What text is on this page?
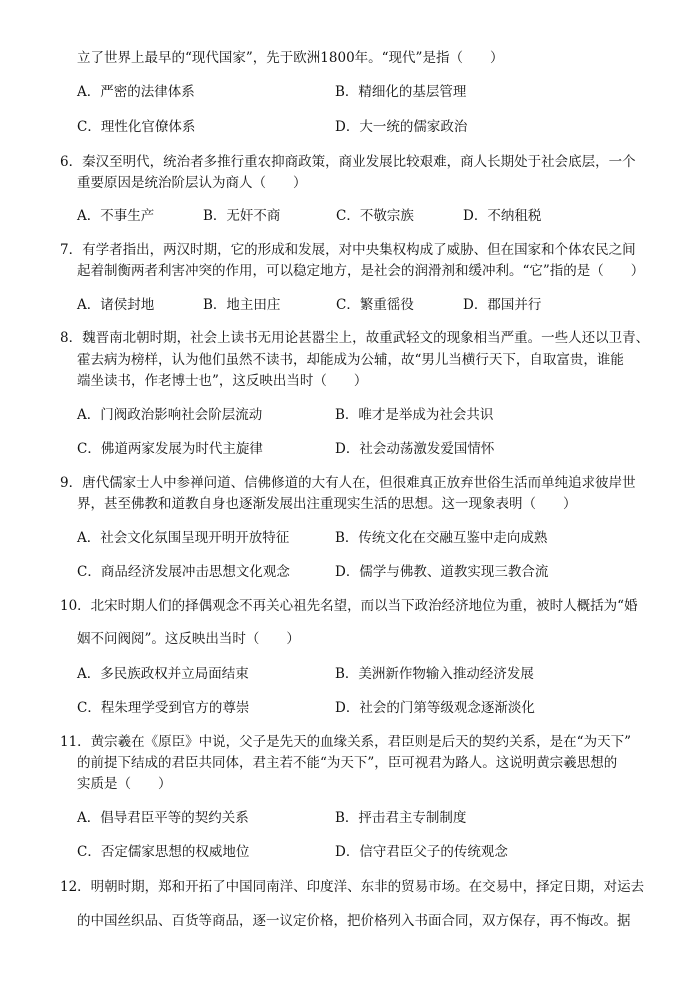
立了世界上最早的“现代国家”，先于欧洲1800年。“现代”是指（　　）
A．严密的法律体系	B．精细化的基层管理
C．理性化官僚体系	D．大一统的儒家政治
6．秦汉至明代，统治者多推行重农抑商政策，商业发展比较艰难，商人长期处于社会底层，一个
重要原因是统治阶层认为商人（　　）
A．不事生产	B．无奸不商	C．不敬宗族	D．不纳租税
7．有学者指出，两汉时期，它的形成和发展，对中央集权构成了威胁、但在国家和个体农民之间
起着制衡两者利害冲突的作用，可以稳定地方，是社会的润滑剂和缓冲利。“它”指的是（　　）
A．诸侯封地	B．地主田庄	C．繁重徭役	D．郡国并行
8．魏晋南北朝时期，社会上读书无用论甚嚣尘上，故重武轻文的现象相当严重。一些人还以卫青、
霍去病为榜样，认为他们虽然不读书，却能成为公辅，故“男儿当横行天下，自取富贵，谁能
端坐读书，作老博士也”，这反映出当时（　　）
A．门阀政治影响社会阶层流动	B．唯才是举成为社会共识
C．佛道两家发展为时代主旋律	D．社会动荡激发爱国情怀
9．唐代儒家士人中参禅问道、信佛修道的大有人在，但很难真正放弃世俗生活而单纯追求彼岸世
界，甚至佛教和道教自身也逐渐发展出注重现实生活的思想。这一现象表明（　　）
A．社会文化氛围呈现开明开放特征	B．传统文化在交融互鉴中走向成熟
C．商品经济发展冲击思想文化观念	D．儒学与佛教、道教实现三教合流
10．北宋时期人们的择偶观念不再关心祖先名望，而以当下政治经济地位为重，被时人概括为“婚
姻不问阀阅”。这反映出当时（　　）
A．多民族政权并立局面结束	B．美洲新作物输入推动经济发展
C．程朱理学受到官方的尊崇	D．社会的门第等级观念逐渐淡化
11．黄宗羲在《原臣》中说，父子是先天的血缘关系，君臣则是后天的契约关系，是在“为天下”
的前提下结成的君臣共同体，君主若不能“为天下”，臣可视君为路人。这说明黄宗羲思想的
实质是（　　）
A．倡导君臣平等的契约关系	B．抨击君主专制制度
C．否定儒家思想的权威地位	D．信守君臣父子的传统观念
12．明朝时期，郑和开拓了中国同南洋、印度洋、东非的贸易市场。在交易中，择定日期，对运去
的中国丝织品、百货等商品，逐一议定价格，把价格列入书面合同，双方保存，再不悔改。据
